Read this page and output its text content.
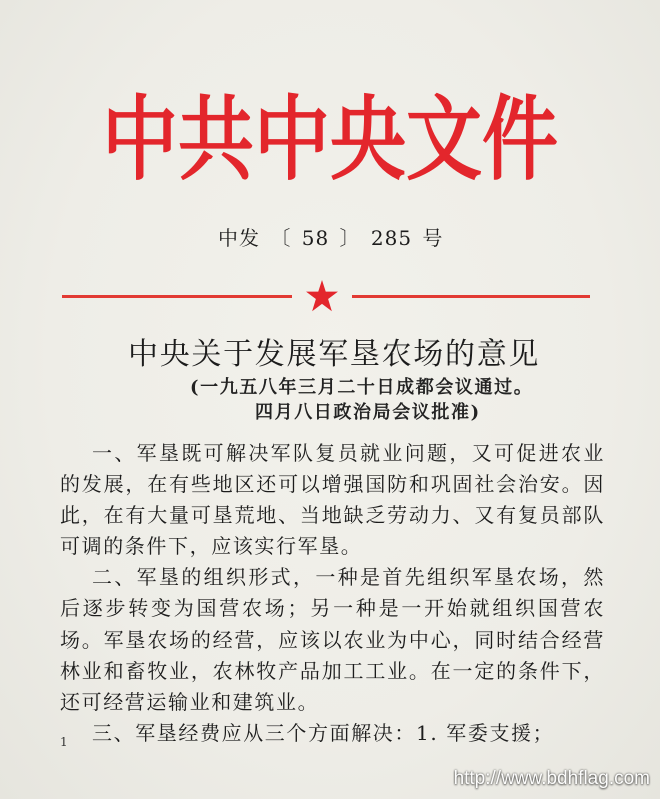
中共中央文件
中发 〔 58 〕 285 号
中央关于发展军垦农场的意见
(一九五八年三月二十日成都会议通过。
四月八日政治局会议批准)
一、军垦既可解决军队复员就业问题，又可促进农业
的发展，在有些地区还可以增强国防和巩固社会治安。因
此，在有大量可垦荒地、当地缺乏劳动力、又有复员部队
可调的条件下，应该实行军垦。
二、军垦的组织形式，一种是首先组织军垦农场，然
后逐步转变为国营农场；另一种是一开始就组织国营农
场。军垦农场的经营，应该以农业为中心，同时结合经营
林业和畜牧业，农林牧产品加工工业。在一定的条件下，
还可经营运输业和建筑业。
三、军垦经费应从三个方面解决：1. 军委支援；
1
http://www.bdhflag.com
